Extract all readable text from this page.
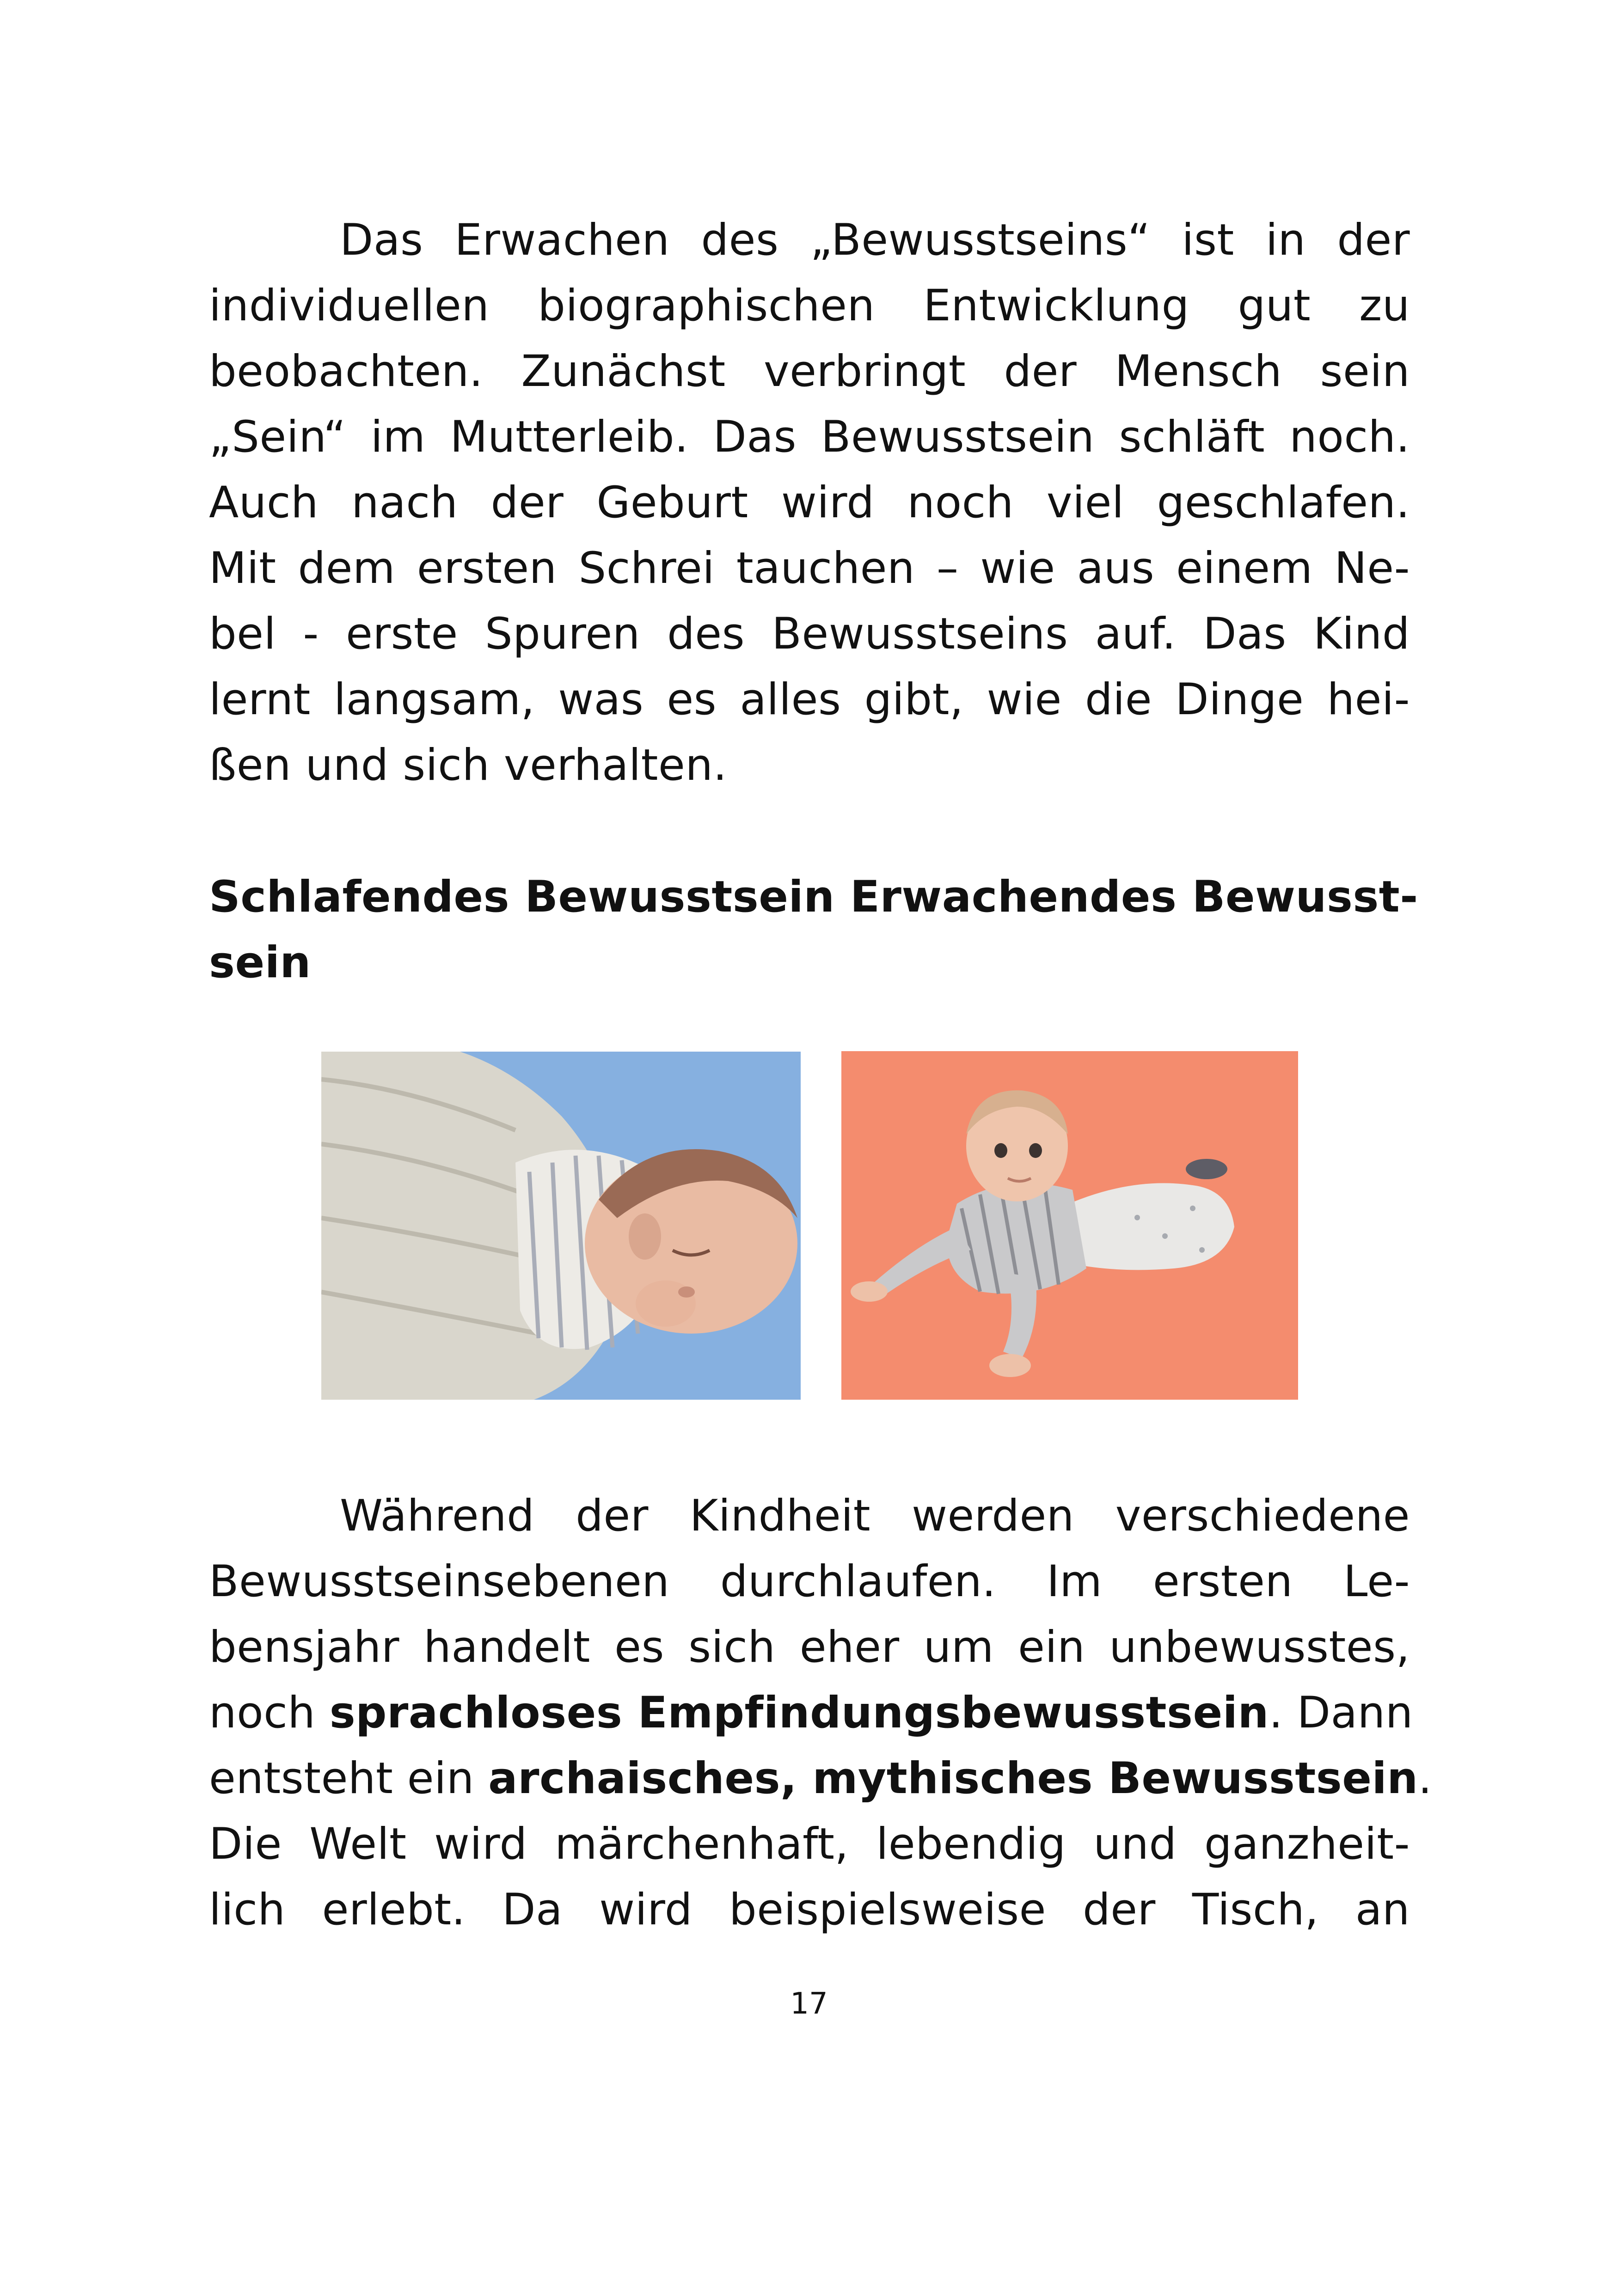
Das Erwachen des „Bewusstseins“ ist in der
individuellen biographischen Entwicklung gut zu
beobachten. Zunächst verbringt der Mensch sein
„Sein“ im Mutterleib. Das Bewusstsein schläft noch.
Auch nach der Geburt wird noch viel geschlafen.
Mit dem ersten Schrei tauchen – wie aus einem Ne-
bel - erste Spuren des Bewusstseins auf. Das Kind
lernt langsam, was es alles gibt, wie die Dinge hei-
ßen und sich verhalten.
Schlafendes Bewusstsein Erwachendes Bewusst-
sein
Während der Kindheit werden verschiedene
Bewusstseinsebenen durchlaufen. Im ersten Le-
bensjahr handelt es sich eher um ein unbewusstes,
noch sprachloses Empfindungsbewusstsein. Dann
entsteht ein archaisches, mythisches Bewusstsein.
Die Welt wird märchenhaft, lebendig und ganzheit-
lich erlebt. Da wird beispielsweise der Tisch, an
17
